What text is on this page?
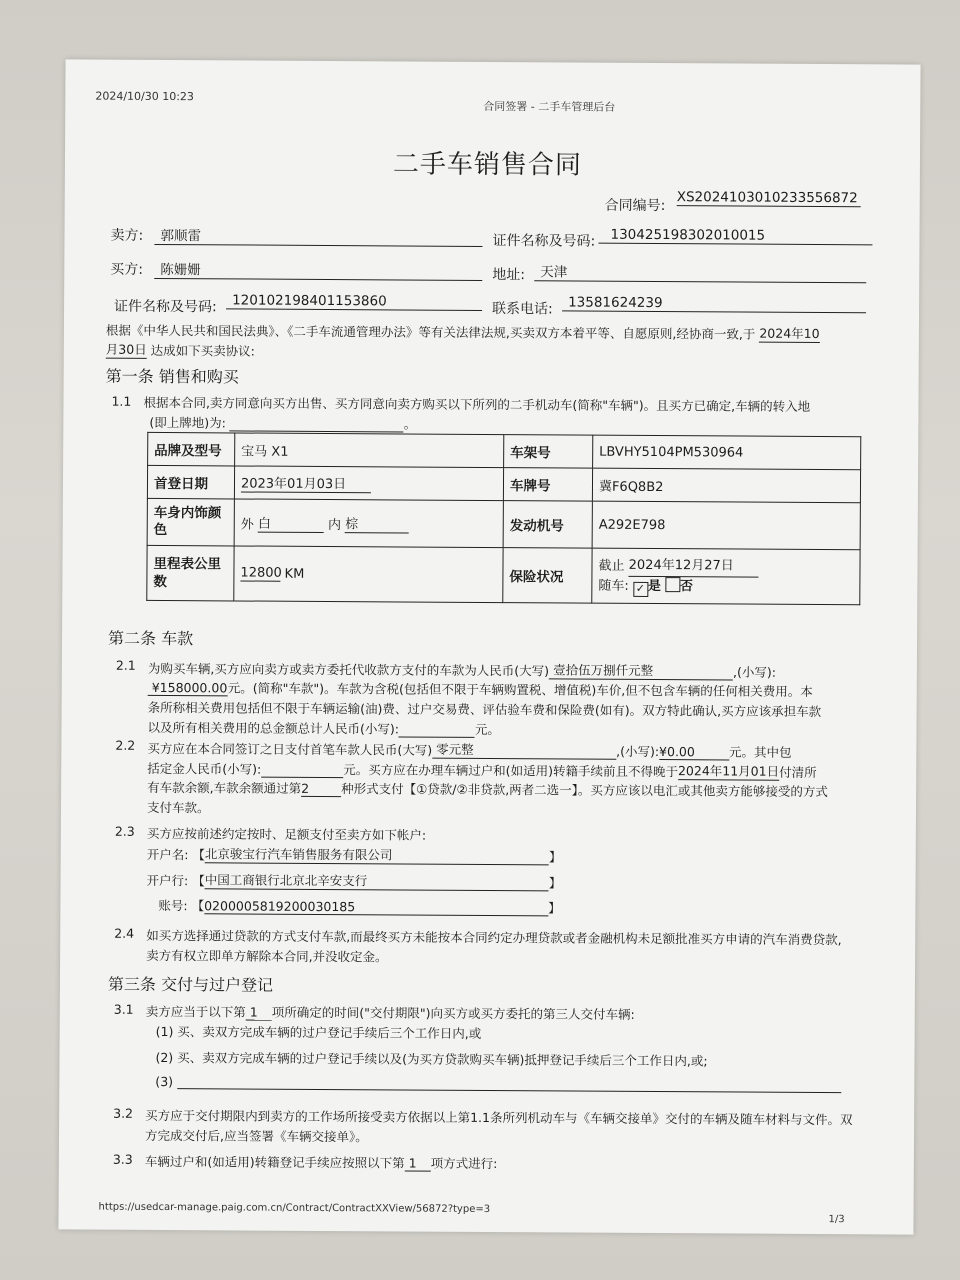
2024/10/30 10:23
合同签署 - 二手车管理后台
二手车销售合同
合同编号: XS20241030102335568​72
卖方:	郭顺雷	证件名称及号码:	130425198302010015
买方:	陈姗姗	地址:	天津
证件名称及号码:	120102198401153860	联系电话:	13581624239
根据《中华人民共和国民法典》、《二手车流通管理办法》等有关法律法规,买卖双方本着平等、自愿原则,经协商一致,于 2024年10
月30日 达成如下买卖协议:
第一条 销售和购买
1.1 根据本合同,卖方同意向买方出售、买方同意向卖方购买以下所列的二手机动车(简称"车辆")。且买方已确定,车辆的转入地
(即上牌地)为:	。
品牌及型号	宝马 X1	车架号	LBVHY5104PM530964
首登日期	2023年01月03日	车牌号	冀F6Q8B2
车身内饰颜
色	外 白 内 棕	发动机号	A292E798
里程表公里
数	12800 KM	保险状况	截止 2024年12月27日
随车: ✓ 是 否
第二条 车款
2.1 为购买车辆,买方应向卖方或卖方委托代收款方支付的车款为人民币(大写) 壹拾伍万捌仟元整	,(小写):
¥158000.00元。(简称"车款")。车款为含税(包括但不限于车辆购置税、增值税)车价,但不包含车辆的任何相关费用。本
条所称相关费用包括但不限于车辆运输(油)费、过户交易费、评估验车费和保险费(如有)。双方特此确认,买方应该承担车款
以及所有相关费用的总金额总计人民币(小写):	元。
2.2 买方应在本合同签订之日支付首笔车款人民币(大写) 零元整	,(小写):¥0.00	元。其中包
括定金人民币(小写):	元。买方应在办理车辆过户和(如适用)转籍手续前且不得晚于2024年11月01日付清所
有车款余额,车款余额通过第2	种形式支付【①贷款/②非贷款,两者二选一】。买方应该以电汇或其他卖方能够接受的方式
支付车款。
2.3 买方应按前述约定按时、足额支付至卖方如下帐户:
开户名: 【北京骏宝行汽车销售服务有限公司	】
开户行: 【中国工商银行北京北辛安支行	】
账号: 【0200005819200030185	】
2.4 如买方选择通过贷款的方式支付车款,而最终买方未能按本合同约定办理贷款或者金融机构未足额批准买方申请的汽车消费贷款,
卖方有权立即单方解除本合同,并没收定金。
第三条 交付与过户登记
3.1 卖方应当于以下第 1 项所确定的时间("交付期限")向买方或买方委托的第三人交付车辆:
(1) 买、卖双方完成车辆的过户登记手续后三个工作日内,或
(2) 买、卖双方完成车辆的过户登记手续以及(为买方贷款购买车辆)抵押登记手续后三个工作日内,或;
(3)
3.2 买方应于交付期限内到卖方的工作场所接受卖方依据以上第1.1条所列机动车与《车辆交接单》交付的车辆及随车材料与文件。双
方完成交付后,应当签署《车辆交接单》。
3.3 车辆过户和(如适用)转籍登记手续应按照以下第 1 项方式进行:
https://usedcar-manage.paig.com.cn/Contract/ContractXXView/56872?type=3
1/3
